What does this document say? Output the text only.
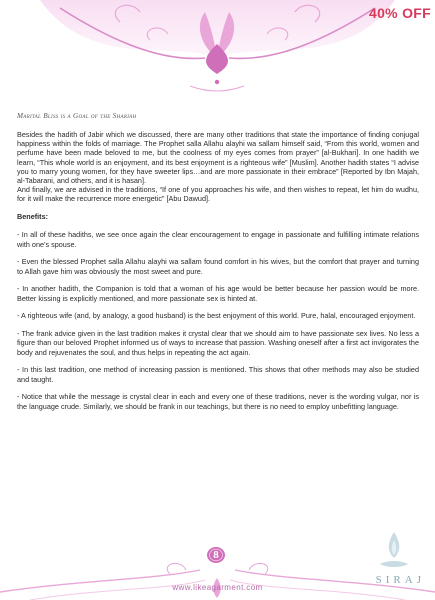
40% OFF
Marital Bliss is a Goal of the Shariah

Besides the hadith of Jabir which we discussed, there are many other traditions that state the importance of finding conjugal happiness within the folds of marriage. The Prophet salla Allahu alayhi wa sallam himself said, “From this world, women and perfume have been made beloved to me, but the coolness of my eyes comes from prayer” [al-Bukhari]. In one hadith we learn, “This whole world is an enjoyment, and its best enjoyment is a righteous wife” [Muslim]. Another hadith states “I advise you to marry young women, for they have sweeter lips…and are more passionate in their embrace” [Reported by Ibn Majah, al-Tabarani, and others, and it is hasan].

And finally, we are advised in the traditions, “If one of you approaches his wife, and then wishes to repeat, let him do wudhu, for it will make the recurrence more energetic” [Abu Dawud].

Benefits:

- In all of these hadiths, we see once again the clear encouragement to engage in passionate and fulfilling intimate relations with one’s spouse.

- Even the blessed Prophet salla Allahu alayhi wa sallam found comfort in his wives, but the comfort that prayer and turning to Allah gave him was obviously the most sweet and pure.

- In another hadith, the Companion is told that a woman of his age would be better because her passion would be more. Better kissing is explicitly mentioned, and more passionate sex is hinted at.

- A righteous wife (and, by analogy, a good husband) is the best enjoyment of this world. Pure, halal, encouraged enjoyment.

- The frank advice given in the last tradition makes it crystal clear that we should aim to have passionate sex lives. No less a figure than our beloved Prophet informed us of ways to increase that passion. Washing oneself after a first act invigorates the body and rejuvenates the soul, and thus helps in repeating the act again.

- In this last tradition, one method of increasing passion is mentioned. This shows that other methods may also be studied and taught.

- Notice that while the message is crystal clear in each and every one of these traditions, never is the wording vulgar, nor is the language crude. Similarly, we should be frank in our teachings, but there is no need to employ unbefitting language.

8
www.likeagarment.com
SIRAJ
